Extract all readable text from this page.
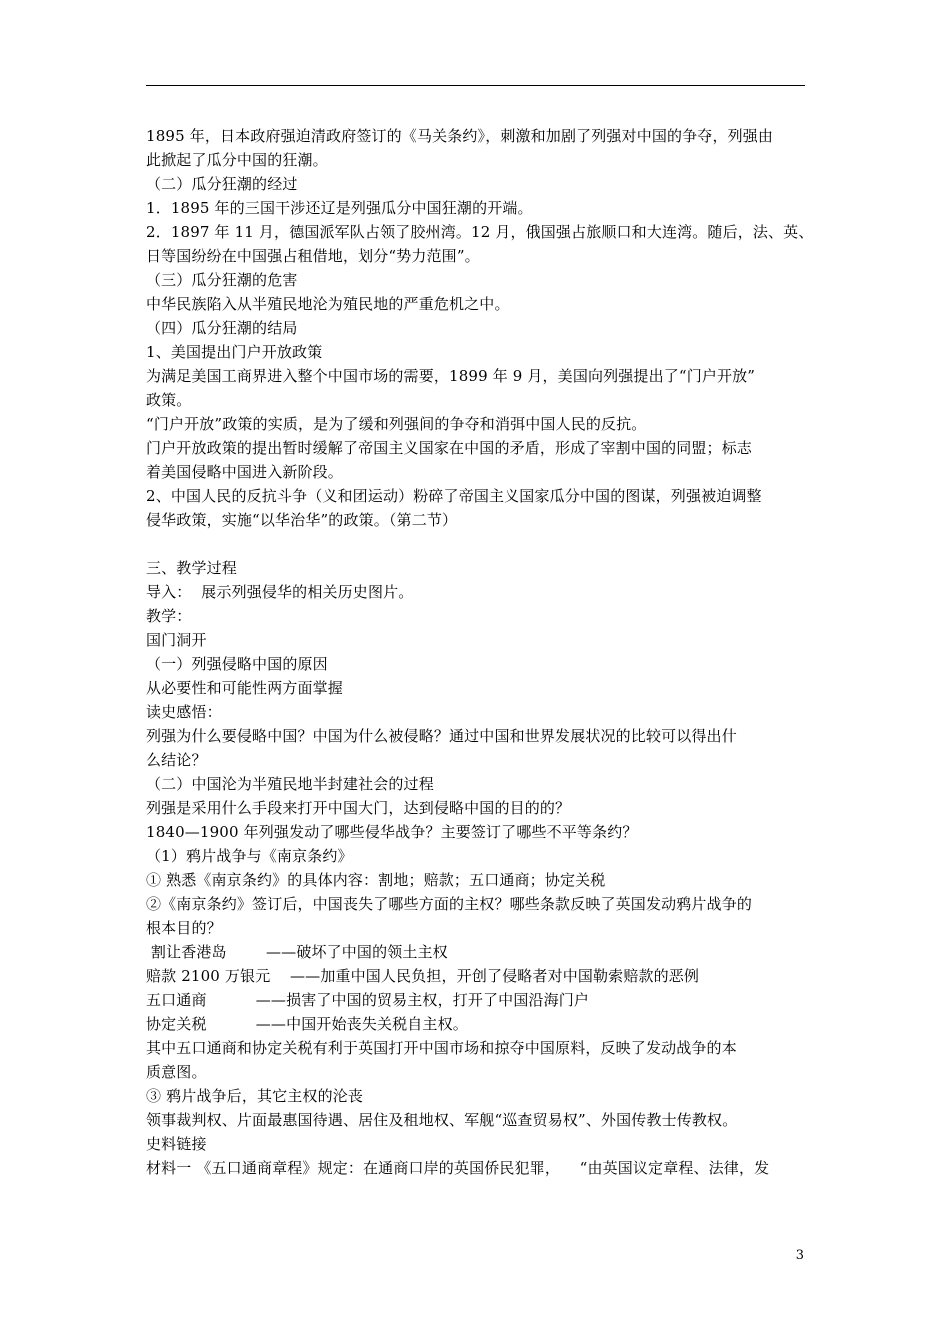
1895 年，日本政府强迫清政府签订的《马关条约》，刺激和加剧了列强对中国的争夺，列强由
此掀起了瓜分中国的狂潮。
（二）瓜分狂潮的经过
1．1895 年的三国干涉还辽是列强瓜分中国狂潮的开端。
2．1897 年 11 月，德国派军队占领了胶州湾。12 月，俄国强占旅顺口和大连湾。随后，法、英、
日等国纷纷在中国强占租借地，划分“势力范围”。
（三）瓜分狂潮的危害
中华民族陷入从半殖民地沦为殖民地的严重危机之中。
（四）瓜分狂潮的结局
1、美国提出门户开放政策
为满足美国工商界进入整个中国市场的需要，1899 年 9 月，美国向列强提出了“门户开放”
政策。
“门户开放”政策的实质，是为了缓和列强间的争夺和消弭中国人民的反抗。
门户开放政策的提出暂时缓解了帝国主义国家在中国的矛盾，形成了宰割中国的同盟；标志
着美国侵略中国进入新阶段。
2、中国人民的反抗斗争（义和团运动）粉碎了帝国主义国家瓜分中国的图谋，列强被迫调整
侵华政策，实施“以华治华”的政策。（第二节）
三、教学过程
导入：  展示列强侵华的相关历史图片。
教学：
国门洞开
（一）列强侵略中国的原因
从必要性和可能性两方面掌握
读史感悟：
列强为什么要侵略中国？中国为什么被侵略？通过中国和世界发展状况的比较可以得出什
么结论？
（二）中国沦为半殖民地半封建社会的过程
列强是采用什么手段来打开中国大门，达到侵略中国的目的的？
1840—1900 年列强发动了哪些侵华战争？主要签订了哪些不平等条约？
（1）鸦片战争与《南京条约》
① 熟悉《南京条约》的具体内容：割地；赔款；五口通商；协定关税
②《南京条约》签订后，中国丧失了哪些方面的主权？哪些条款反映了英国发动鸦片战争的
根本目的？
割让香港岛        ——破坏了中国的领土主权
赔款 2100 万银元    ——加重中国人民负担，开创了侵略者对中国勒索赔款的恶例
五口通商          ——损害了中国的贸易主权，打开了中国沿海门户
协定关税          ——中国开始丧失关税自主权。
其中五口通商和协定关税有利于英国打开中国市场和掠夺中国原料，反映了发动战争的本
质意图。
③ 鸦片战争后，其它主权的沦丧
领事裁判权、片面最惠国待遇、居住及租地权、军舰“巡查贸易权”、外国传教士传教权。
史料链接
材料一 《五口通商章程》规定：在通商口岸的英国侨民犯罪，    “由英国议定章程、法律，发
3
